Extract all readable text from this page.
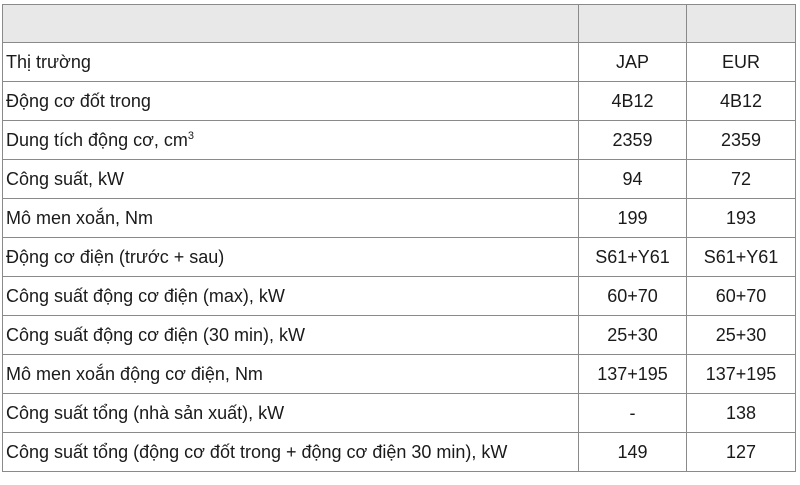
Thị trường	JAP	EUR
Động cơ đốt trong	4B12	4B12
Dung tích động cơ, $cm^3$	2359	2359
Công suất, kW	94	72
Mô men xoắn, Nm	199	193
Động cơ điện (trước + sau)	S61+Y61	S61+Y61
Công suất động cơ điện (max), kW	60+70	60+70
Công suất động cơ điện (30 min), kW	25+30	25+30
Mô men xoắn động cơ điện, Nm	137+195	137+195
Công suất tổng (nhà sản xuất), kW	-	138
Công suất tổng (động cơ đốt trong + động cơ điện 30 min), kW	149	127
